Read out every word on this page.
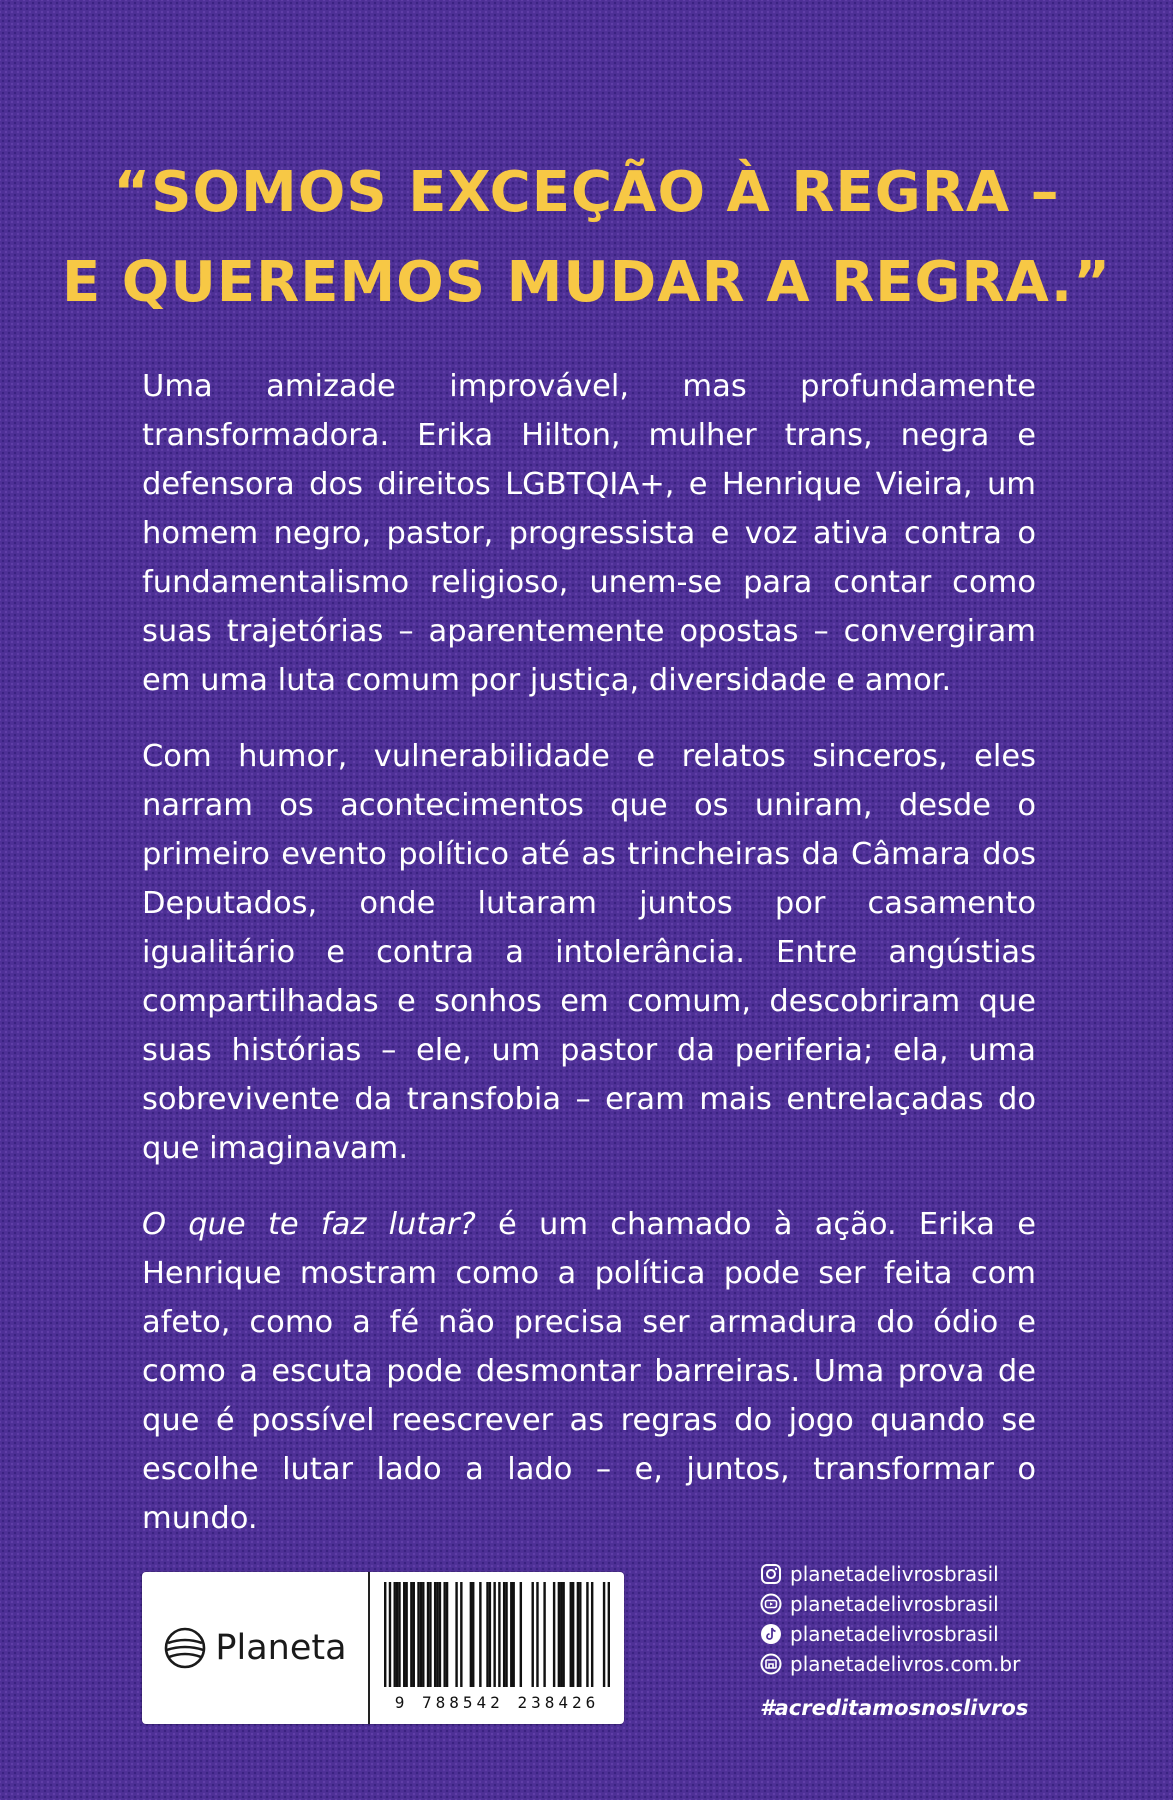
“SOMOS EXCEÇÃO À REGRA –
E QUEREMOS MUDAR A REGRA.”

Uma amizade improvável, mas profundamente transformadora. Erika Hilton, mulher trans, negra e defensora dos direitos LGBTQIA+, e Henrique Vieira, um homem negro, pastor, progressista e voz ativa contra o fundamentalismo religioso, unem-se para contar como suas trajetórias – aparentemente opostas – convergiram em uma luta comum por justiça, diversidade e amor.

Com humor, vulnerabilidade e relatos sinceros, eles narram os acontecimentos que os uniram, desde o primeiro evento político até as trincheiras da Câmara dos Deputados, onde lutaram juntos por casamento igualitário e contra a intolerância. Entre angústias compartilhadas e sonhos em comum, descobriram que suas histórias – ele, um pastor da periferia; ela, uma sobrevivente da transfobia – eram mais entrelaçadas do que imaginavam.

O que te faz lutar? é um chamado à ação. Erika e Henrique mostram como a política pode ser feita com afeto, como a fé não precisa ser armadura do ódio e como a escuta pode desmontar barreiras. Uma prova de que é possível reescrever as regras do jogo quando se escolhe lutar lado a lado – e, juntos, transformar o mundo.

Planeta
9 788542 238426
planetadelivrosbrasil
planetadelivrosbrasil
planetadelivrosbrasil
planetadelivros.com.br
#acreditamosnoslivros
